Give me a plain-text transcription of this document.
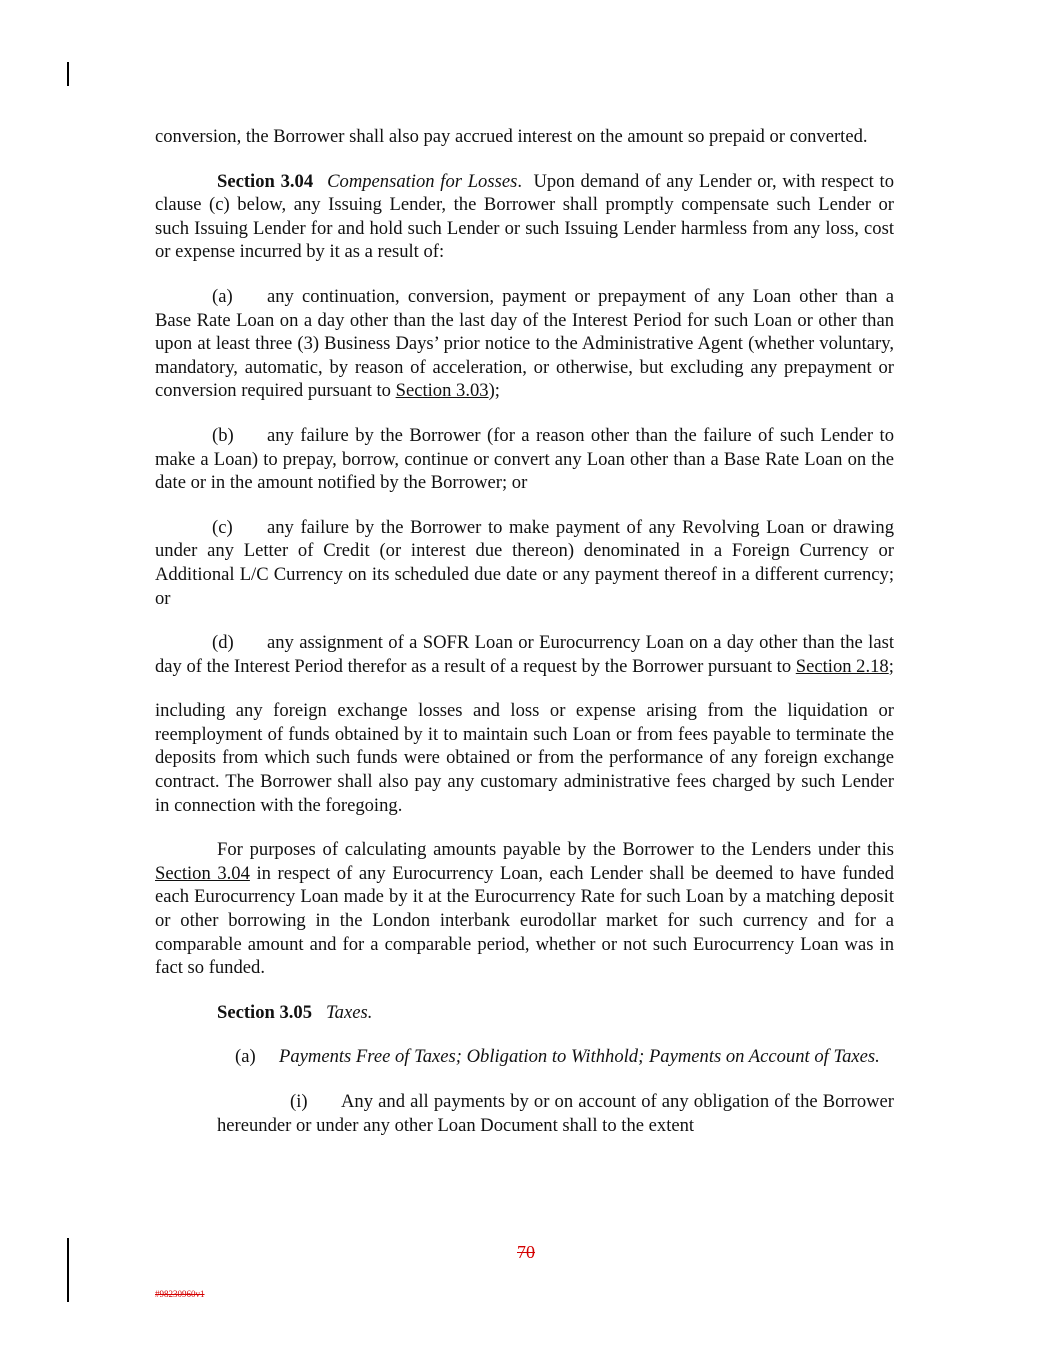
conversion, the Borrower shall also pay accrued interest on the amount so prepaid or converted.

Section 3.04 Compensation for Losses.  Upon demand of any Lender or, with respect to clause (c) below, any Issuing Lender, the Borrower shall promptly compensate such Lender or such Issuing Lender for and hold such Lender or such Issuing Lender harmless from any loss, cost or expense incurred by it as a result of:

(a) any continuation, conversion, payment or prepayment of any Loan other than a Base Rate Loan on a day other than the last day of the Interest Period for such Loan or other than upon at least three (3) Business Days’ prior notice to the Administrative Agent (whether voluntary, mandatory, automatic, by reason of acceleration, or otherwise, but excluding any prepayment or conversion required pursuant to Section 3.03);

(b) any failure by the Borrower (for a reason other than the failure of such Lender to make a Loan) to prepay, borrow, continue or convert any Loan other than a Base Rate Loan on the date or in the amount notified by the Borrower; or

(c) any failure by the Borrower to make payment of any Revolving Loan or drawing under any Letter of Credit (or interest due thereon) denominated in a Foreign Currency or Additional L/C Currency on its scheduled due date or any payment thereof in a different currency; or

(d) any assignment of a SOFR Loan or Eurocurrency Loan on a day other than the last day of the Interest Period therefor as a result of a request by the Borrower pursuant to Section 2.18;

including any foreign exchange losses and loss or expense arising from the liquidation or reemployment of funds obtained by it to maintain such Loan or from fees payable to terminate the deposits from which such funds were obtained or from the performance of any foreign exchange contract. The Borrower shall also pay any customary administrative fees charged by such Lender in connection with the foregoing.

For purposes of calculating amounts payable by the Borrower to the Lenders under this Section 3.04 in respect of any Eurocurrency Loan, each Lender shall be deemed to have funded each Eurocurrency Loan made by it at the Eurocurrency Rate for such Loan by a matching deposit or other borrowing in the London interbank eurodollar market for such currency and for a comparable amount and for a comparable period, whether or not such Eurocurrency Loan was in fact so funded.

Section 3.05 Taxes.

(a) Payments Free of Taxes; Obligation to Withhold; Payments on Account of Taxes.

(i) Any and all payments by or on account of any obligation of the Borrower hereunder or under any other Loan Document shall to the extent

70
#98230960v1
